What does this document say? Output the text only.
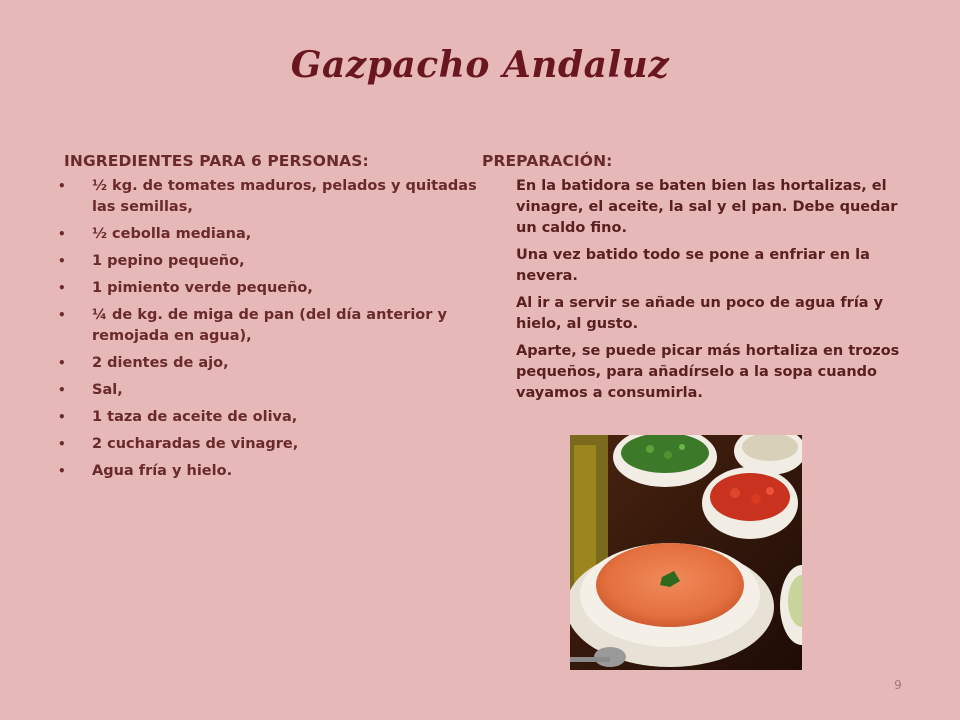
Gazpacho Andaluz
INGREDIENTES PARA 6 PERSONAS:
• ½ kg. de tomates maduros, pelados y quitadas las semillas,
• ½ cebolla mediana,
• 1 pepino pequeño,
• 1 pimiento verde pequeño,
• ¼ de kg. de miga de pan (del día anterior y remojada en agua),
• 2 dientes de ajo,
• Sal,
• 1 taza de aceite de oliva,
• 2 cucharadas de vinagre,
• Agua fría y hielo.
PREPARACIÓN:

En la batidora se baten bien las hortalizas, el vinagre, el aceite, la sal y el pan. Debe quedar un caldo fino.

Una vez batido todo se pone a enfriar en la nevera.

Al ir a servir se añade un poco de agua fría y hielo, al gusto.

Aparte, se puede picar más hortaliza en trozos pequeños, para añadírselo a la sopa cuando vayamos a consumirla.

9
